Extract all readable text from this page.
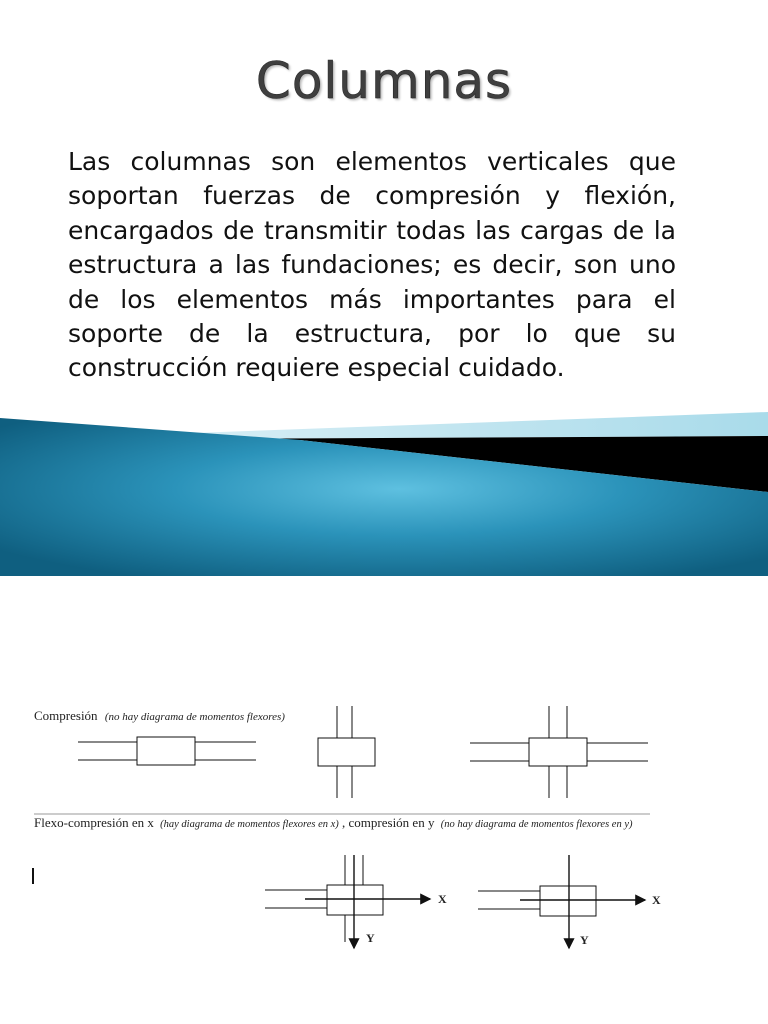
Columnas
Las columnas son elementos verticales que soportan fuerzas de compresión y flexión, encargados de transmitir todas las cargas de la estructura a las fundaciones; es decir, son uno de los elementos más importantes para el soporte de la estructura, por lo que su construcción requiere especial cuidado.
Compresión (no hay diagrama de momentos flexores)
Flexo-compresión en x (hay diagrama de momentos flexores en x) , compresión en y (no hay diagrama de momentos flexores en y)
X
Y
X
Y
